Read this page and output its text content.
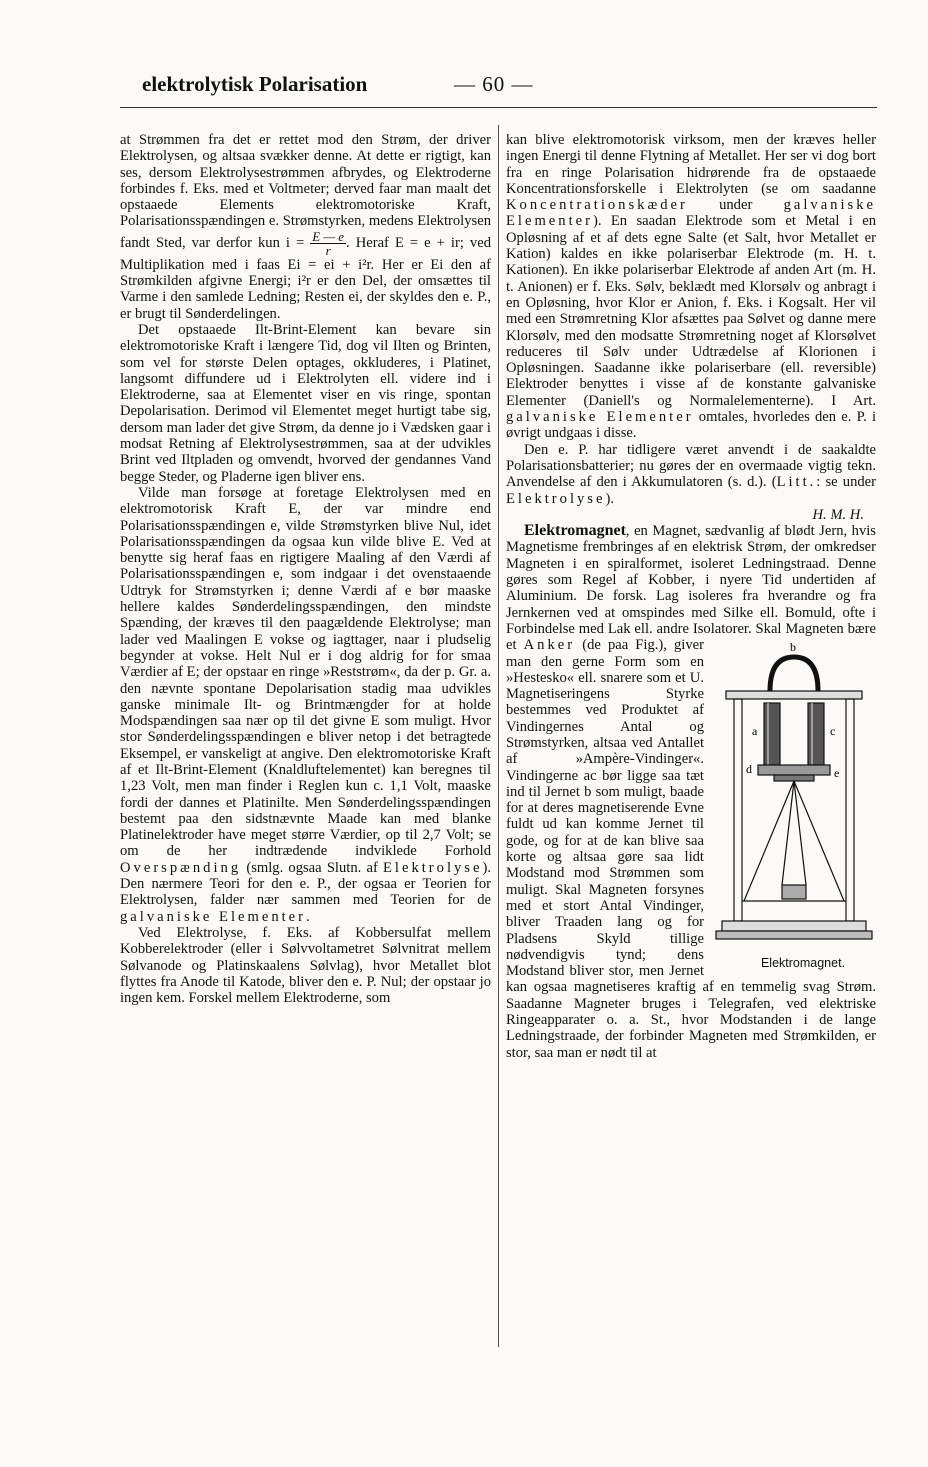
elektrolytisk Polarisation	— 60 —

at Strømmen fra det er rettet mod den Strøm, der driver Elektrolysen, og altsaa svækker denne. At dette er rigtigt, kan ses, dersom Elektrolysestrømmen afbrydes, og Elektroderne forbindes f. Eks. med et Voltmeter; derved faar man maalt det opstaaede Elements elektromotoriske Kraft, Polarisationsspændingen e. Strømstyrken, medens Elektrolysen fandt Sted, var derfor kun $i = \frac{E — e}{r}$ . Heraf E = e + ir; ved Multiplikation med i faas Ei = ei + i²r. Her er Ei den af Strømkilden afgivne Energi; i²r er den Del, der omsættes til Varme i den samlede Ledning; Resten ei, der skyldes den e. P., er brugt til Sønderdelingen.

Det opstaaede Ilt-Brint-Element kan bevare sin elektromotoriske Kraft i længere Tid, dog vil Ilten og Brinten, som vel for største Delen optages, okkluderes, i Platinet, langsomt diffundere ud i Elektrolyten ell. videre ind i Elektroderne, saa at Elementet viser en vis ringe, spontan Depolarisation. Derimod vil Elementet meget hurtigt tabe sig, dersom man lader det give Strøm, da denne jo i Vædsken gaar i modsat Retning af Elektrolysestrømmen, saa at der udvikles Brint ved Iltpladen og omvendt, hvorved der gendannes Vand begge Steder, og Pladerne igen bliver ens.

Vilde man forsøge at foretage Elektrolysen med en elektromotorisk Kraft E, der var mindre end Polarisationsspændingen e, vilde Strømstyrken blive Nul, idet Polarisationsspændingen da ogsaa kun vilde blive E. Ved at benytte sig heraf faas en rigtigere Maaling af den Værdi af Polarisationsspændingen e, som indgaar i det ovenstaaende Udtryk for Strømstyrken i; denne Værdi af e bør maaske hellere kaldes Sønderdelingsspændingen, den mindste Spænding, der kræves til den paagældende Elektrolyse; man lader ved Maalingen E vokse og iagttager, naar i pludselig begynder at vokse. Helt Nul er i dog aldrig for for smaa Værdier af E; der opstaar en ringe »Reststrøm«, da der p. Gr. a. den nævnte spontane Depolarisation stadig maa udvikles ganske minimale Ilt- og Brintmængder for at holde Modspændingen saa nær op til det givne E som muligt. Hvor stor Sønderdelingsspændingen e bliver netop i det betragtede Eksempel, er vanskeligt at angive. Den elektromotoriske Kraft af et Ilt-Brint-Element (Knaldluftelementet) kan beregnes til 1,23 Volt, men man finder i Reglen kun c. 1,1 Volt, maaske fordi der dannes et Platinilte. Men Sønderdelingsspændingen bestemt paa den sidstnævnte Maade kan med blanke Platinelektroder have meget større Værdier, op til 2,7 Volt; se om de her indtrædende indviklede Forhold Overspænding (smlg. ogsaa Slutn. af Elektrolyse). Den nærmere Teori for den e. P., der ogsaa er Teorien for Elektrolysen, falder nær sammen med Teorien for de galvaniske Elementer.

Ved Elektrolyse, f. Eks. af Kobbersulfat mellem Kobberelektroder (eller i Sølvvoltametret Sølvnitrat mellem Sølvanode og Platinskaalens Sølvlag), hvor Metallet blot flyttes fra Anode til Katode, bliver den e. P. Nul; der opstaar jo ingen kem. Forskel mellem Elektroderne, som

kan blive elektromotorisk virksom, men der kræves heller ingen Energi til denne Flytning af Metallet. Her ser vi dog bort fra en ringe Polarisation hidrørende fra de opstaaede Koncentrationsforskelle i Elektrolyten (se om saadanne Koncentrationskæder under galvaniske Elementer). En saadan Elektrode som et Metal i en Opløsning af et af dets egne Salte (et Salt, hvor Metallet er Kation) kaldes en ikke polariserbar Elektrode (m. H. t. Kationen). En ikke polariserbar Elektrode af anden Art (m. H. t. Anionen) er f. Eks. Sølv, beklædt med Klorsølv og anbragt i en Opløsning, hvor Klor er Anion, f. Eks. i Kogsalt. Her vil med een Strømretning Klor afsættes paa Sølvet og danne mere Klorsølv, med den modsatte Strømretning noget af Klorsølvet reduceres til Sølv under Udtrædelse af Klorionen i Opløsningen. Saadanne ikke polariserbare (ell. reversible) Elektroder benyttes i visse af de konstante galvaniske Elementer (Daniell's og Normalelementerne). I Art. galvaniske Elementer omtales, hvorledes den e. P. i øvrigt undgaas i disse.

Den e. P. har tidligere været anvendt i de saakaldte Polarisationsbatterier; nu gøres der en overmaade vigtig tekn. Anvendelse af den i Akkumulatoren (s. d.). (Litt.: se under Elektrolyse).
H. M. H.

Elektromagnet, en Magnet, sædvanlig af blødt Jern, hvis Magnetisme frembringes af en elektrisk Strøm, der omkredser Magneten i en spiralformet, isoleret Ledningstraad. Denne gøres som Regel af Kobber, i nyere Tid undertiden af Aluminium. De forsk. Lag isoleres fra hverandre og fra Jernkernen ved at omspindes med Silke ell. Bomuld, ofte i Forbindelse med Lak ell. andre Isolatorer. Skal Magneten bære et Anker	b
a	c
d	e
Elektromagnet.
(de paa Fig.), giver man den gerne Form som en »Hestesko« ell. snarere som et U. Magnetiseringens Styrke bestemmes ved Produktet af Vindingernes Antal og Strømstyrken, altsaa ved Antallet af »Ampère-Vindinger«. Vindingerne ac bør ligge saa tæt ind til Jernet b som muligt, baade for at deres magnetiserende Evne fuldt ud kan komme Jernet til gode, og for at de kan blive saa korte og altsaa gøre saa lidt Modstand mod Strømmen som muligt. Skal Magneten forsynes med et stort Antal Vindinger, bliver Traaden lang og for Pladsens Skyld tillige nødvendigvis tynd; dens Modstand bliver stor, men Jernet kan ogsaa magnetiseres kraftig af en temmelig svag Strøm. Saadanne Magneter bruges i Telegrafen, ved elektriske Ringeapparater o. a. St., hvor Modstanden i de lange Ledningstraade, der forbinder Magneten med Strømkilden, er stor, saa man er nødt til at
